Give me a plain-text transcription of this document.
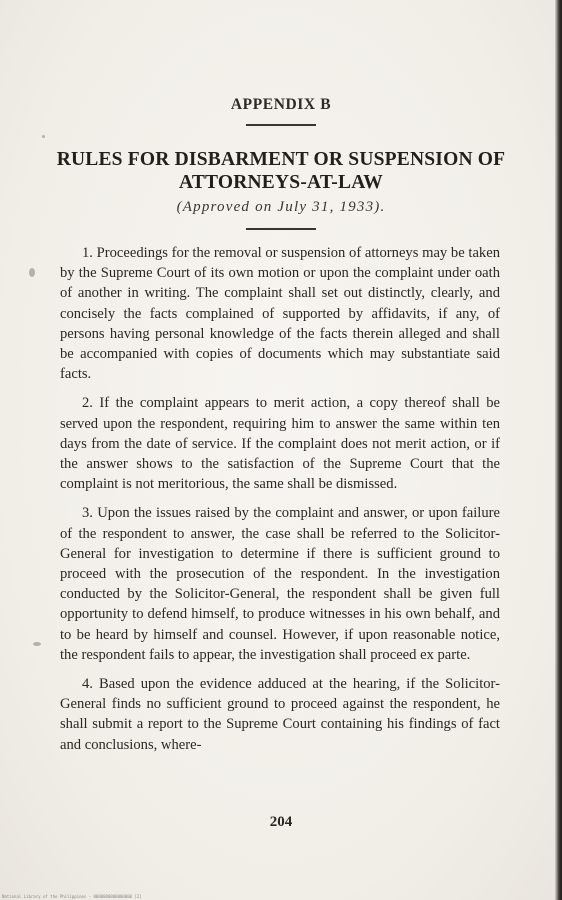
APPENDIX B
RULES FOR DISBARMENT OR SUSPENSION OF ATTORNEYS-AT-LAW
(Approved on July 31, 1933).

1. Proceedings for the removal or suspension of attorneys may be taken by the Supreme Court of its own motion or upon the complaint under oath of another in writing. The complaint shall set out distinctly, clearly, and concisely the facts complained of supported by affidavits, if any, of persons having personal knowledge of the facts therein alleged and shall be accompanied with copies of documents which may substantiate said facts.

2. If the complaint appears to merit action, a copy thereof shall be served upon the respondent, requiring him to answer the same within ten days from the date of service. If the complaint does not merit action, or if the answer shows to the satisfaction of the Supreme Court that the complaint is not meritorious, the same shall be dismissed.

3. Upon the issues raised by the complaint and answer, or upon failure of the respondent to answer, the case shall be referred to the Solicitor-General for investigation to determine if there is sufficient ground to proceed with the prosecution of the respondent. In the investigation conducted by the Solicitor-General, the respondent shall be given full opportunity to defend himself, to produce witnesses in his own behalf, and to be heard by himself and counsel. However, if upon reasonable notice, the respondent fails to appear, the investigation shall proceed ex parte.

4. Based upon the evidence adduced at the hearing, if the Solicitor-General finds no sufficient ground to proceed against the respondent, he shall submit a report to the Supreme Court containing his findings of fact and conclusions, where-

204
National Library of the Philippines · 0000000000000000 [2]
